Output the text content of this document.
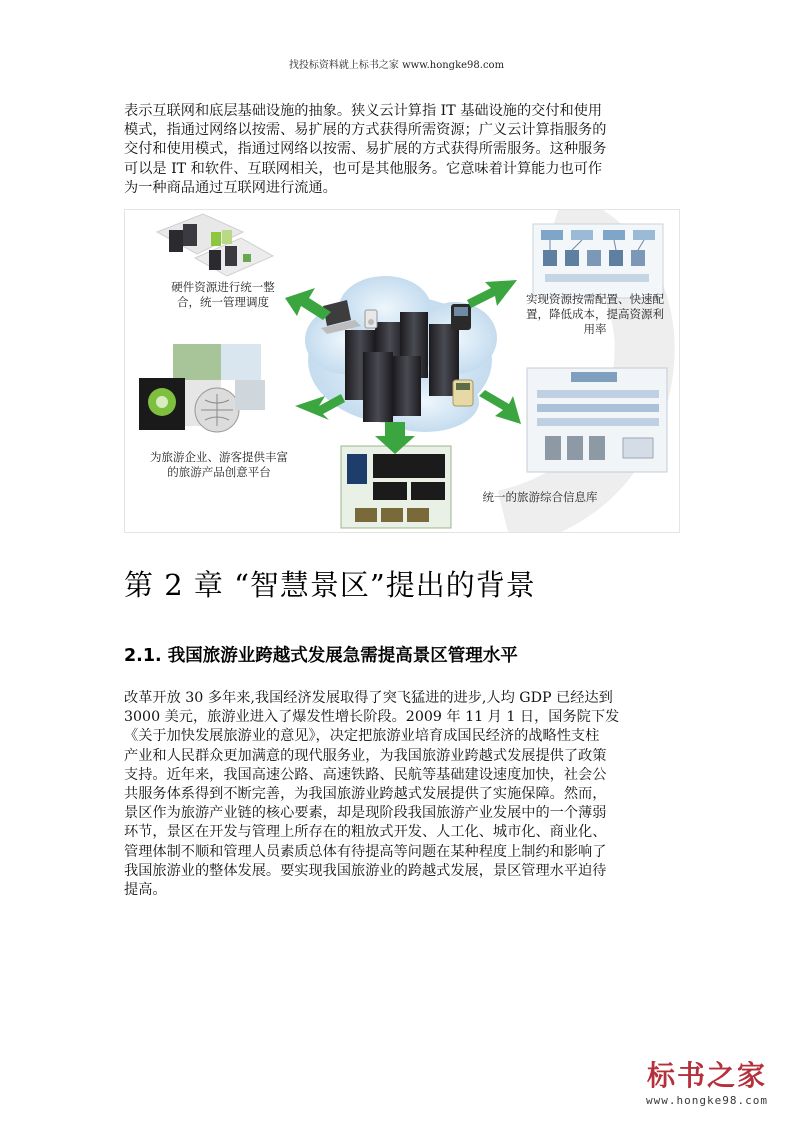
找投标资料就上标书之家 www.hongke98.com
表示互联网和底层基础设施的抽象。狭义云计算指 IT 基础设施的交付和使用
模式，指通过网络以按需、易扩展的方式获得所需资源；广义云计算指服务的
交付和使用模式，指通过网络以按需、易扩展的方式获得所需服务。这种服务
可以是 IT 和软件、互联网相关，也可是其他服务。它意味着计算能力也可作
为一种商品通过互联网进行流通。
硬件资源进行统一整
合，统一管理调度	实现资源按需配置、快速配
置，降低成本，提高资源利
用率
为旅游企业、游客提供丰富
的旅游产品创意平台
统一的旅游综合信息库
第 2 章 “智慧景区”提出的背景
2.1. 我国旅游业跨越式发展急需提高景区管理水平
改革开放 30 多年来,我国经济发展取得了突飞猛进的进步,人均 GDP 已经达到
3000 美元，旅游业进入了爆发性增长阶段。2009 年 11 月 1 日，国务院下发
《关于加快发展旅游业的意见》，决定把旅游业培育成国民经济的战略性支柱
产业和人民群众更加满意的现代服务业，为我国旅游业跨越式发展提供了政策
支持。近年来，我国高速公路、高速铁路、民航等基础建设速度加快，社会公
共服务体系得到不断完善，为我国旅游业跨越式发展提供了实施保障。然而，
景区作为旅游产业链的核心要素，却是现阶段我国旅游产业发展中的一个薄弱
环节，景区在开发与管理上所存在的粗放式开发、人工化、城市化、商业化、
管理体制不顺和管理人员素质总体有待提高等问题在某种程度上制约和影响了
我国旅游业的整体发展。要实现我国旅游业的跨越式发展，景区管理水平迫待
提高。
标书之家
www.hongke98.com
